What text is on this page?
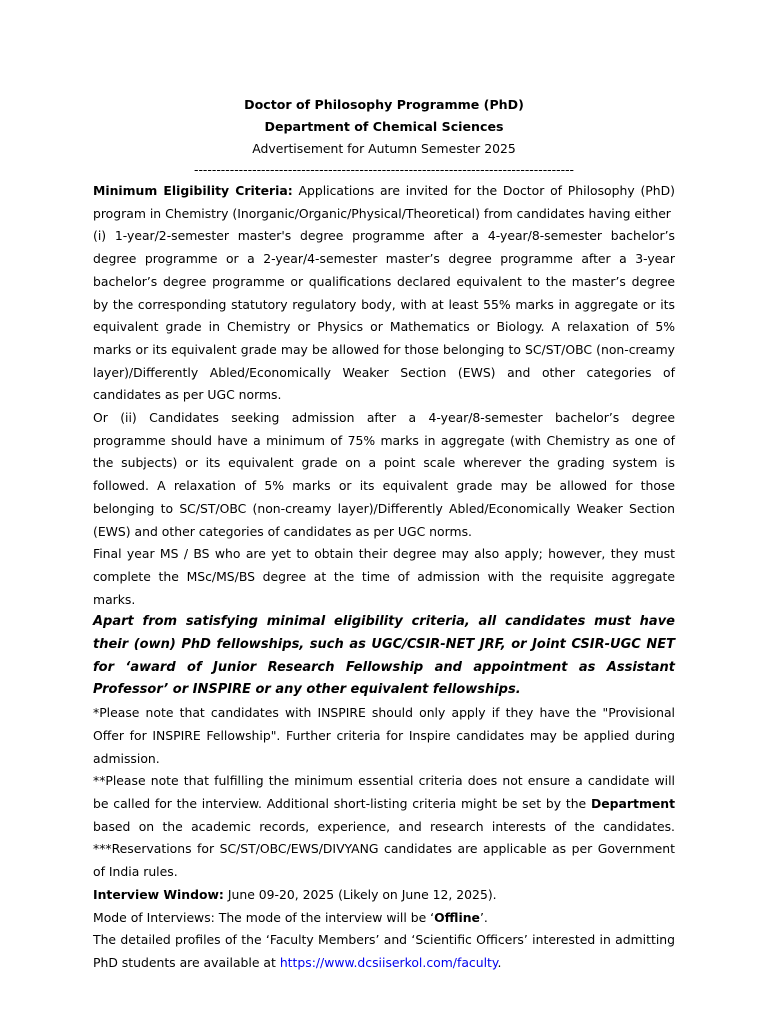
Doctor of Philosophy Programme (PhD)
Department of Chemical Sciences
Advertisement for Autumn Semester 2025
-------------------------------------------------------------------------------------

Minimum Eligibility Criteria: Applications are invited for the Doctor of Philosophy (PhD) program in Chemistry (Inorganic/Organic/Physical/Theoretical) from candidates having either

(i) 1-year/2-semester master's degree programme after a 4-year/8-semester bachelor’s degree programme or a 2-year/4-semester master’s degree programme after a 3-year bachelor’s degree programme or qualifications declared equivalent to the master’s degree by the corresponding statutory regulatory body, with at least 55% marks in aggregate or its equivalent grade in Chemistry or Physics or Mathematics or Biology. A relaxation of 5% marks or its equivalent grade may be allowed for those belonging to SC/ST/OBC (non-creamy layer)/Differently Abled/Economically Weaker Section (EWS) and other categories of candidates as per UGC norms.

Or (ii) Candidates seeking admission after a 4-year/8-semester bachelor’s degree programme should have a minimum of 75% marks in aggregate (with Chemistry as one of the subjects) or its equivalent grade on a point scale wherever the grading system is followed. A relaxation of 5% marks or its equivalent grade may be allowed for those belonging to SC/ST/OBC (non-creamy layer)/Differently Abled/Economically Weaker Section (EWS) and other categories of candidates as per UGC norms.

Final year MS / BS who are yet to obtain their degree may also apply; however, they must complete the MSc/MS/BS degree at the time of admission with the requisite aggregate marks.

Apart from satisfying minimal eligibility criteria, all candidates must have their (own) PhD fellowships, such as UGC/CSIR-NET JRF, or Joint CSIR-UGC NET for ‘award of Junior Research Fellowship and appointment as Assistant Professor’ or INSPIRE or any other equivalent fellowships.

*Please note that candidates with INSPIRE should only apply if they have the "Provisional Offer for INSPIRE Fellowship". Further criteria for Inspire candidates may be applied during admission.

**Please note that fulfilling the minimum essential criteria does not ensure a candidate will be called for the interview. Additional short-listing criteria might be set by the Department based on the academic records, experience, and research interests of the candidates. ***Reservations for SC/ST/OBC/EWS/DIVYANG candidates are applicable as per Government of India rules.

Interview Window: June 09-20, 2025 (Likely on June 12, 2025).

Mode of Interviews: The mode of the interview will be ‘Offline’.

The detailed profiles of the ‘Faculty Members’ and ‘Scientific Officers’ interested in admitting PhD students are available at https://www.dcsiiserkol.com/faculty.
